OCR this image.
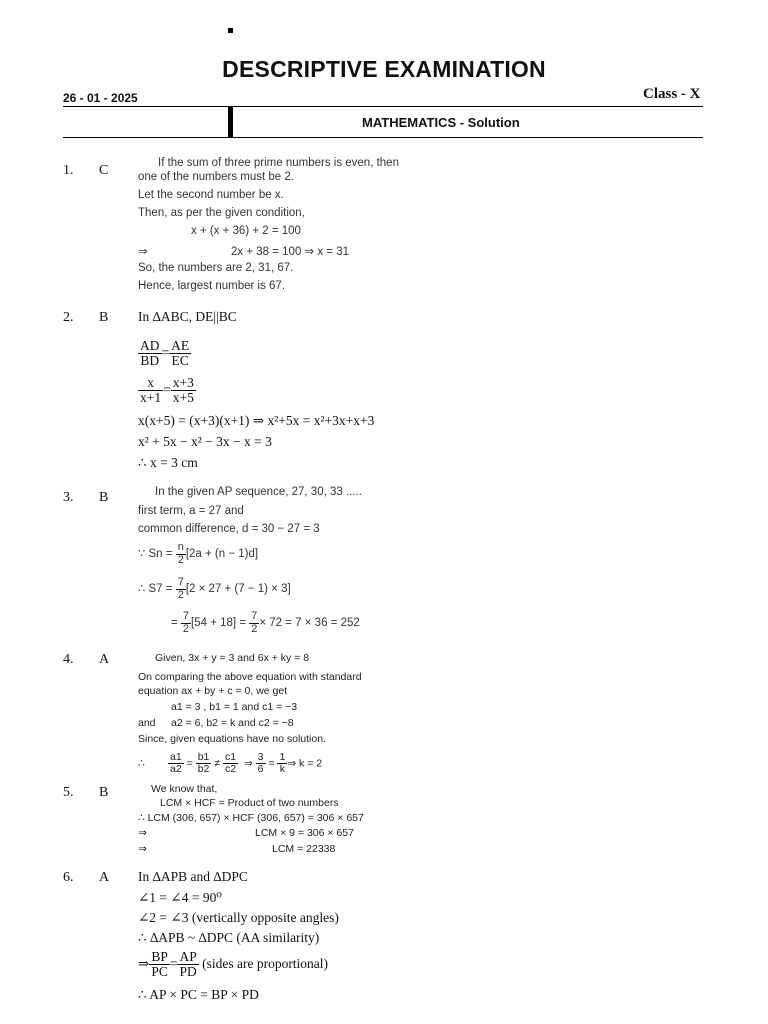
DESCRIPTIVE EXAMINATION
26 - 01 - 2025	Class - X
MATHEMATICS - Solution
1. C	If the sum of three prime numbers is even, then
one of the numbers must be 2.
Let the second number be x.
Then, as per the given condition,
x + (x + 36) + 2 = 100
⇒	2x + 38 = 100 ⇒ x = 31
So, the numbers are 2, 31, 67.
Hence, largest number is 67.
2. B In ∆ABC, DE||BC
$\frac{AD}{BD} = \frac{AE}{EC}$
$\frac{x}{x+1} = \frac{x+3}{x+5}$
x(x+5) = (x+3)(x+1) ⇒ x²+5x = x²+3x+x+3
x² + 5x − x² − 3x − x = 3
∴ x = 3 cm
3. B	In the given AP sequence, 27, 30, 33 .....
first term, a = 27 and
common difference, d = 30 − 27 = 3
∵ $Sn = \frac{n}{2} [2a + (n - 1)d]$
∴ $S7 = \frac{7}{2} [2 \times 27 + (7 - 1) \times 3]$
= $\frac{7}{2} [54 + 18] = \frac{7}{2} \times 72 = 7 \times 36 = 252$
4. A	Given, 3x + y = 3 and 6x + ky = 8
On comparing the above equation with standard
equation ax + by + c = 0, we get
a1 = 3 , b1 = 1 and c1 = −3
and a2 = 6, b2 = k and c2 = −8
Since, given equations have no solution.
∴ $\frac{a1}{a2} = \frac{b1}{b2} \ne \frac{c1}{c2}$ ⇒ $\frac{3}{6} = \frac{1}{k}$ ⇒ k = 2
5. B	We know that,
LCM × HCF = Product of two numbers
∴ LCM (306, 657) × HCF (306, 657) = 306 × 657
⇒	LCM × 9 = 306 × 657
⇒	LCM = 22338
6. A In ∆APB and ∆DPC
∠1 = ∠4 = 90⁰
∠2 = ∠3 (vertically opposite angles)
∴ ∆APB ~ ∆DPC (AA similarity)
⇒ $\frac{BP}{PC} = \frac{AP}{PD}$ (sides are proportional)
∴ AP × PC = BP × PD
